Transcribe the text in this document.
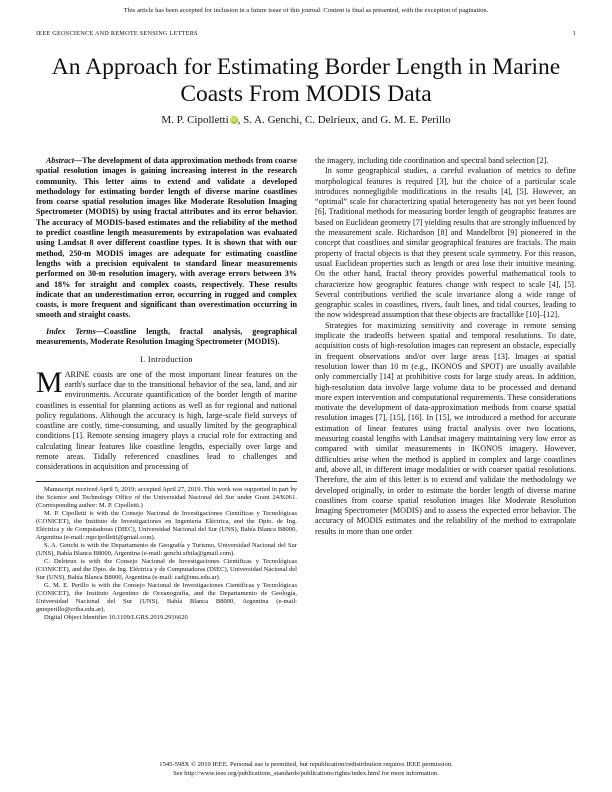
This article has been accepted for inclusion in a future issue of this journal. Content is final as presented, with the exception of pagination.
IEEE GEOSCIENCE AND REMOTE SENSING LETTERS	1
An Approach for Estimating Border Length in Marine Coasts From MODIS Data
M. P. Cipolletti iD, S. A. Genchi, C. Delrieux, and G. M. E. Perillo

Abstract—The development of data approximation methods from coarse spatial resolution images is gaining increasing interest in the research community. This letter aims to extend and validate a developed methodology for estimating border length of diverse marine coastlines from coarse spatial resolution images like Moderate Resolution Imaging Spectrometer (MODIS) by using fractal attributes and its error behavior. The accuracy of MODIS-based estimates and the reliability of the method to predict coastline length measurements by extrapolation was evaluated using Landsat 8 over different coastline types. It is shown that with our method, 250-m MODIS images are adequate for estimating coastline lengths with a precision equivalent to standard linear measurements performed on 30-m resolution imagery, with average errors between 3% and 18% for straight and complex coasts, respectively. These results indicate that an underestimation error, occurring in rugged and complex coasts, is more frequent and significant than overestimation occurring in smooth and straight coasts.

Index Terms—Coastline length, fractal analysis, geographical measurements, Moderate Resolution Imaging Spectrometer (MODIS).

I. Introduction

MARINE coasts are one of the most important linear features on the earth's surface due to the transitional behavior of the sea, land, and air environments. Accurate quantification of the border length of marine coastlines is essential for planning actions as well as for regional and national policy regulations. Although the accuracy is high, large-scale field surveys of coastline are costly, time-consuming, and usually limited by the geographical conditions [1]. Remote sensing imagery plays a crucial role for extracting and calculating linear features like coastline lengths, especially over large and remote areas. Tidally referenced coastlines lead to challenges and considerations in acquisition and processing of

Manuscript received April 5, 2019; accepted April 27, 2019. This work was supported in part by the Science and Technology Office of the Universidad Nacional del Sur under Grant 24/K061. (Corresponding author: M. P. Cipolletti.)

M. P. Cipolletti is with the Consejo Nacional de Investigaciones Científicas y Tecnológicas (CONICET), the Instituto de Investigaciones en Ingeniería Eléctrica, and the Dpto. de Ing. Eléctrica y de Computadoras (DIEC), Universidad Nacional del Sur (UNS), Bahía Blanca B8000, Argentina (e-mail: mpcipolletti@gmail.com).

S. A. Genchi is with the Departamento de Geografía y Turismo, Universidad Nacional del Sur (UNS), Bahía Blanca B8000, Argentina (e-mail: genchi.sibila@gmail.com).

C. Delrieux is with the Consejo Nacional de Investigaciones Científicas y Tecnológicas (CONICET), and the Dpto. de Ing. Eléctrica y de Computadoras (DIEC), Universidad Nacional del Sur (UNS), Bahía Blanca B8000, Argentina (e-mail: cad@uns.edu.ar).

G. M. E. Perillo is with the Consejo Nacional de Investigaciones Científicas y Tecnológicas (CONICET), the Instituto Argentino de Oceanografía, and the Departamento de Geología, Universidad Nacional del Sur (UNS), Bahía Blanca B8000, Argentina (e-mail: gmeperillo@criba.edu.ar).

Digital Object Identifier 10.1109/LGRS.2019.2916620

the imagery, including tide coordination and spectral band selection [2].

In some geographical studies, a careful evaluation of metrics to define morphological features is required [3], but the choice of a particular scale introduces nonnegligible modifications in the results [4], [5]. However, an “optimal” scale for characterizing spatial heterogeneity has not yet been found [6]. Traditional methods for measuring border length of geographic features are based on Euclidean geometry [7] yielding results that are strongly influenced by the measurement scale. Richardson [8] and Mandelbrot [9] pioneered in the concept that coastlines and similar geographical features are fractals. The main property of fractal objects is that they present scale symmetry. For this reason, usual Euclidean properties such as length or area lose their intuitive meaning. On the other hand, fractal theory provides powerful mathematical tools to characterize how geographic features change with respect to scale [4], [5]. Several contributions verified the scale invariance along a wide range of geographic scales in coastlines, rivers, fault lines, and tidal courses, leading to the now widespread assumption that these objects are fractallike [10]–[12].

Strategies for maximizing sensitivity and coverage in remote sensing implicate the tradeoffs between spatial and temporal resolutions. To date, acquisition costs of high-resolution images can represent an obstacle, especially in frequent observations and/or over large areas [13]. Images at spatial resolution lower than 10 m (e.g., IKONOS and SPOT) are usually available only commercially [14] at prohibitive costs for large study areas. In addition, high-resolution data involve large volume data to be processed and demand more expert intervention and computational requirements. These considerations motivate the development of data-approximation methods from coarse spatial resolution images [7], [15], [16]. In [15], we introduced a method for accurate estimation of linear features using fractal analysis over two locations, measuring coastal lengths with Landsat imagery maintaining very low error as compared with similar measurements in IKONOS imagery. However, difficulties arise when the method is applied in complex and large coastlines and, above all, in different image modalities or with coarser spatial resolutions. Therefore, the aim of this letter is to extend and validate the methodology we developed originally, in order to estimate the border length of diverse marine coastlines from coarse spatial resolution images like Moderate Resolution Imaging Spectrometer (MODIS) and to assess the expected error behavior. The accuracy of MODIS estimates and the reliability of the method to extrapolate results in more than one order

1545-598X © 2019 IEEE. Personal use is permitted, but republication/redistribution requires IEEE permission.
See http://www.ieee.org/publications_standards/publications/rights/index.html for more information.
